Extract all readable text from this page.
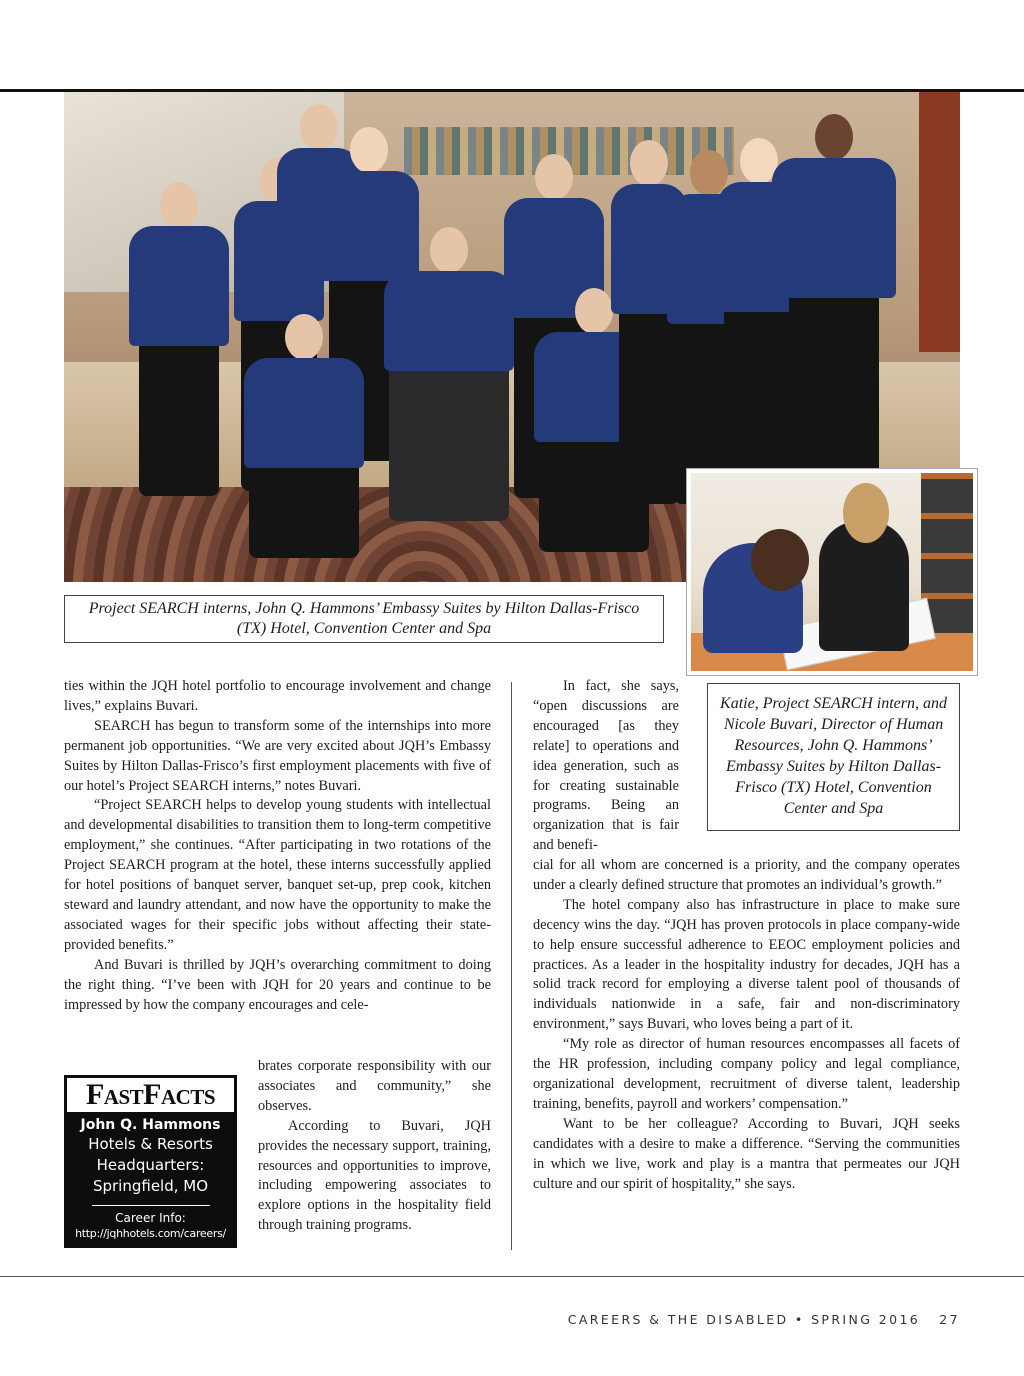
Project SEARCH interns, John Q. Hammons’ Embassy Suites by Hilton Dallas-Frisco (TX) Hotel, Convention Center and Spa
Katie, Project SEARCH intern, and Nicole Buvari, Director of Human Resources, John Q. Hammons’ Embassy Suites by Hilton Dallas-Frisco (TX) Hotel, Convention Center and Spa

ties within the JQH hotel portfolio to encourage involvement and change lives,” explains Buvari.

SEARCH has begun to transform some of the internships into more permanent job opportunities. “We are very excited about JQH’s Embassy Suites by Hilton Dallas-Frisco’s first employment placements with five of our hotel’s Project SEARCH interns,” notes Buvari.

“Project SEARCH helps to develop young students with intellectual and developmental disabilities to transition them to long-term competitive employment,” she continues. “After participating in two rotations of the Project SEARCH program at the hotel, these interns successfully applied for hotel positions of banquet server, banquet set-up, prep cook, kitchen steward and laundry attendant, and now have the opportunity to make the associated wages for their specific jobs without affecting their state-provided benefits.”

And Buvari is thrilled by JQH’s overarching commitment to doing the right thing. “I’ve been with JQH for 20 years and continue to be impressed by how the company encourages and cele-

brates corporate responsibility with our associates and community,” she observes.

According to Buvari, JQH provides the necessary support, training, resources and opportunities to improve, including empowering associates to explore options in the hospitality field through training programs.

In fact, she says, “open discussions are encouraged [as they relate] to operations and idea generation, such as for creating sustainable programs. Being an organization that is fair and benefi-

cial for all whom are concerned is a priority, and the company operates under a clearly defined structure that promotes an individual’s growth.”

The hotel company also has infrastructure in place to make sure decency wins the day. “JQH has proven protocols in place company-wide to help ensure successful adherence to EEOC employment policies and practices. As a leader in the hospitality industry for decades, JQH has a solid track record for employing a diverse talent pool of thousands of individuals nationwide in a safe, fair and non-discriminatory environment,” says Buvari, who loves being a part of it.

“My role as director of human resources encompasses all facets of the HR profession, including company policy and legal compliance, organizational development, recruitment of diverse talent, leadership training, benefits, payroll and workers’ compensation.”

Want to be her colleague? According to Buvari, JQH seeks candidates with a desire to make a difference. “Serving the communities in which we live, work and play is a mantra that permeates our JQH culture and our spirit of hospitality,” she says.

FastFacts
John Q. Hammons
Hotels & Resorts
Headquarters:
Springfield, MO
Career Info:
http://jqhhotels.com/careers/
CAREERS & THE DISABLED • SPRING 2016 27
